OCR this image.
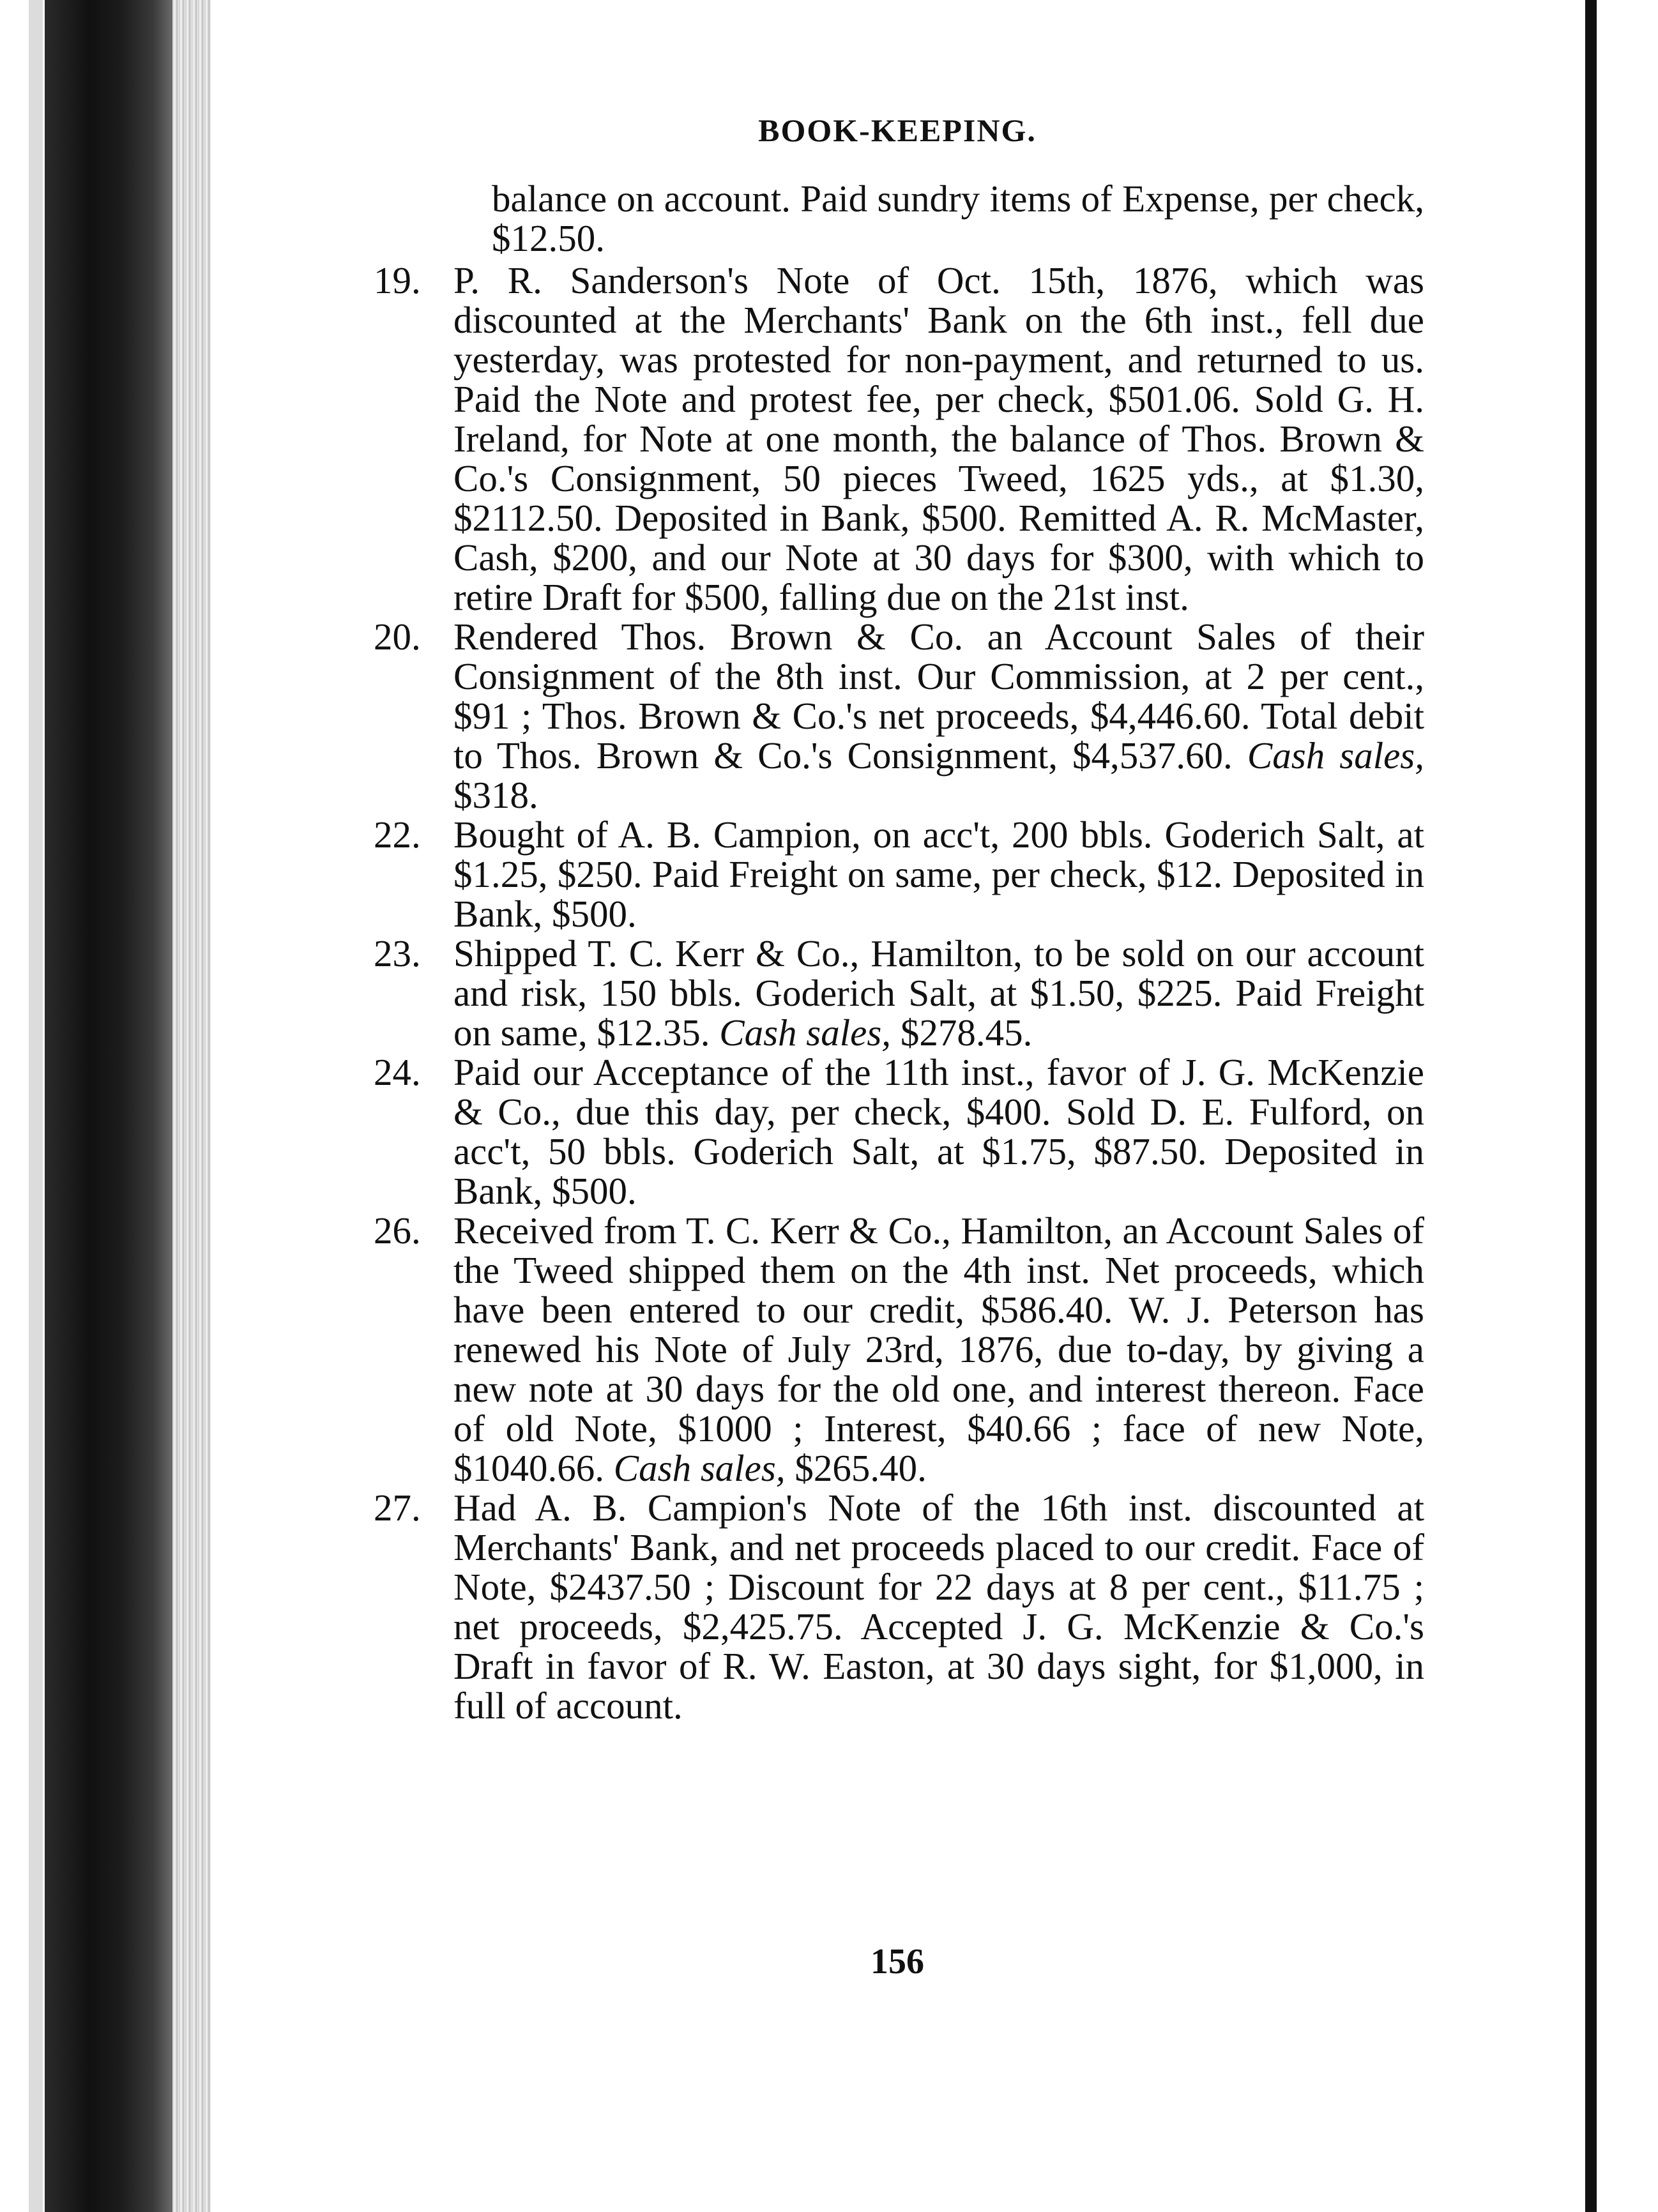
BOOK-KEEPING.

balance on account. Paid sundry items of Expense, per check, $12.50.

19. P. R. Sanderson's Note of Oct. 15th, 1876, which was discounted at the Merchants' Bank on the 6th inst., fell due yesterday, was protested for non-payment, and returned to us. Paid the Note and protest fee, per check, $501.06. Sold G. H. Ireland, for Note at one month, the balance of Thos. Brown & Co.'s Consignment, 50 pieces Tweed, 1625 yds., at $1.30, $2112.50. Deposited in Bank, $500. Remitted A. R. McMaster, Cash, $200, and our Note at 30 days for $300, with which to retire Draft for $500, falling due on the 21st inst.
20. Rendered Thos. Brown & Co. an Account Sales of their Consignment of the 8th inst. Our Commission, at 2 per cent., $91 ; Thos. Brown & Co.'s net proceeds, $4,446.60. Total debit to Thos. Brown & Co.'s Consignment, $4,537.60. Cash sales, $318.
22. Bought of A. B. Campion, on acc't, 200 bbls. Goderich Salt, at $1.25, $250. Paid Freight on same, per check, $12. Deposited in Bank, $500.
23. Shipped T. C. Kerr & Co., Hamilton, to be sold on our account and risk, 150 bbls. Goderich Salt, at $1.50, $225. Paid Freight on same, $12.35. Cash sales, $278.45.
24. Paid our Acceptance of the 11th inst., favor of J. G. McKenzie & Co., due this day, per check, $400. Sold D. E. Fulford, on acc't, 50 bbls. Goderich Salt, at $1.75, $87.50. Deposited in Bank, $500.
26. Received from T. C. Kerr & Co., Hamilton, an Account Sales of the Tweed shipped them on the 4th inst. Net proceeds, which have been entered to our credit, $586.40. W. J. Peterson has renewed his Note of July 23rd, 1876, due to-day, by giving a new note at 30 days for the old one, and interest thereon. Face of old Note, $1000 ; Interest, $40.66 ; face of new Note, $1040.66. Cash sales, $265.40.
27. Had A. B. Campion's Note of the 16th inst. discounted at Merchants' Bank, and net proceeds placed to our credit. Face of Note, $2437.50 ; Discount for 22 days at 8 per cent., $11.75 ; net proceeds, $2,425.75. Accepted J. G. McKenzie & Co.'s Draft in favor of R. W. Easton, at 30 days sight, for $1,000, in full of account.
156
